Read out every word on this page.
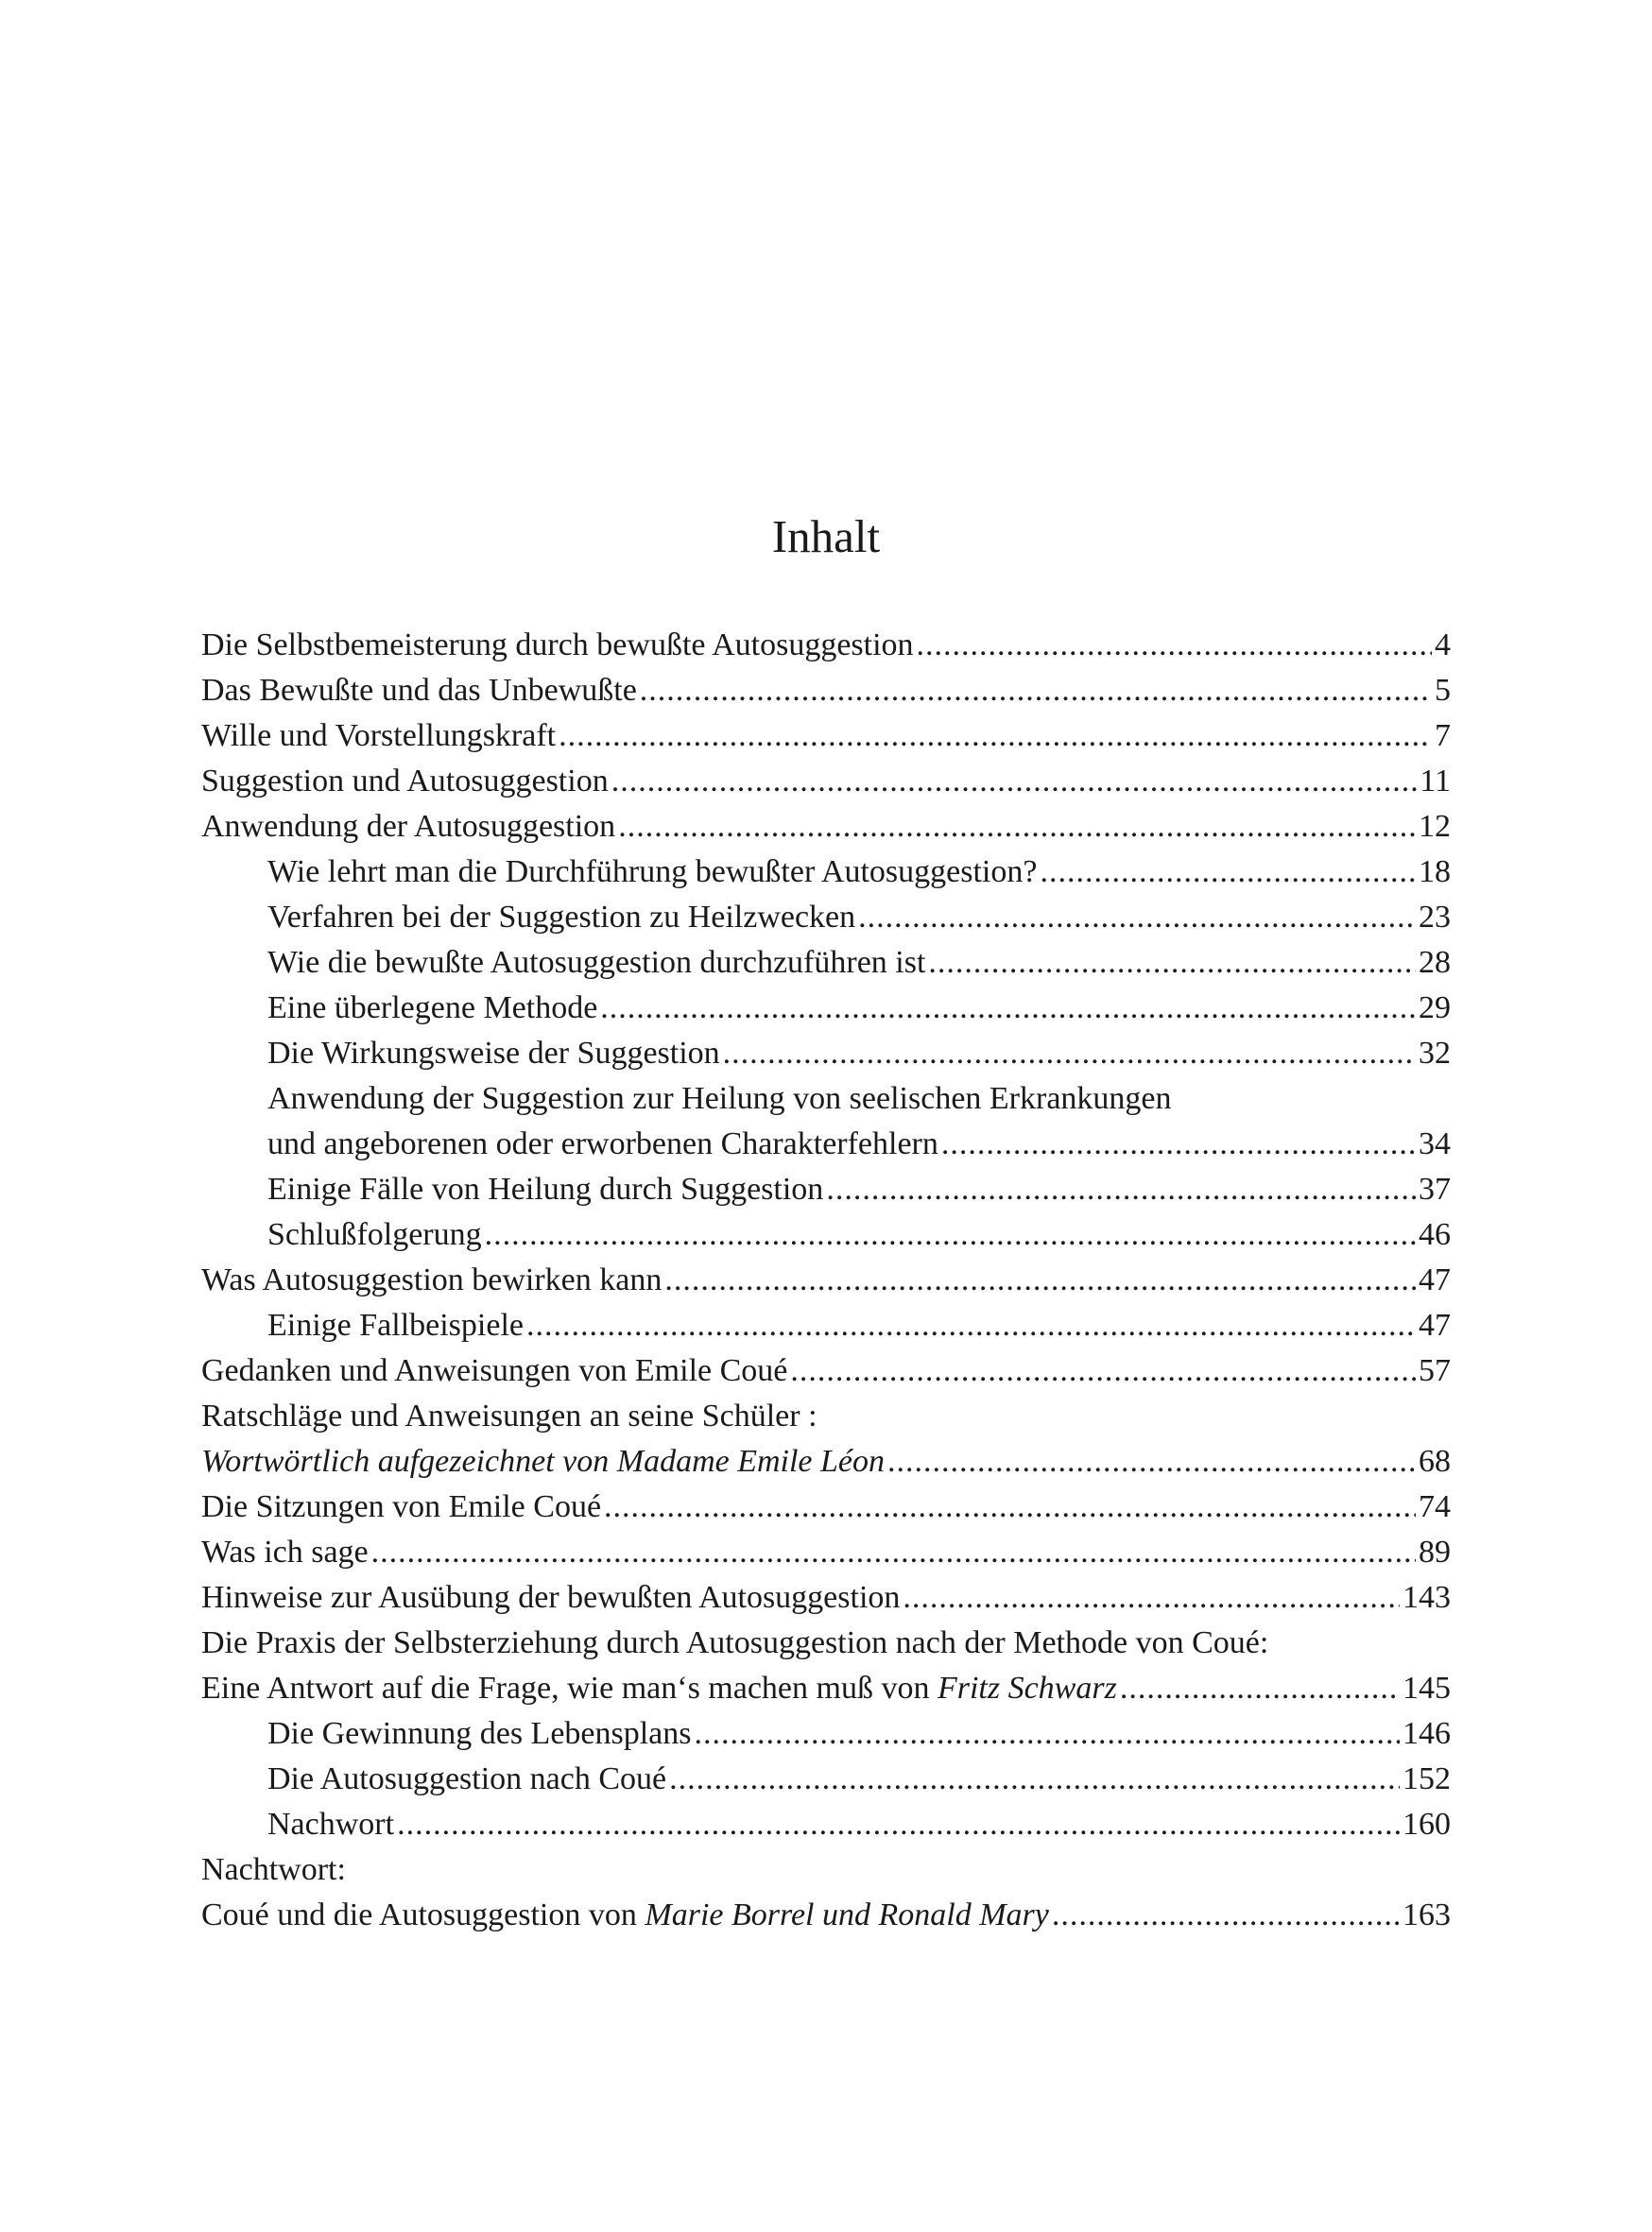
Inhalt
Die Selbstbemeisterung durch bewußte Autosuggestion .....	4
Das Bewußte und das Unbewußte .....	5
Wille und Vorstellungskraft .....	7
Suggestion und Autosuggestion .....	11
Anwendung der Autosuggestion .....	12
Wie lehrt man die Durchführung bewußter Autosuggestion? .....	18
Verfahren bei der Suggestion zu Heilzwecken .....	23
Wie die bewußte Autosuggestion durchzuführen ist .....	28
Eine überlegene Methode .....	29
Die Wirkungsweise der Suggestion .....	32
Anwendung der Suggestion zur Heilung von seelischen Erkrankungen
und angeborenen oder erworbenen Charakterfehlern .....	34
Einige Fälle von Heilung durch Suggestion .....	37
Schlußfolgerung .....	46
Was Autosuggestion bewirken kann .....	47
Einige Fallbeispiele .....	47
Gedanken und Anweisungen von Emile Coué .....	57
Ratschläge und Anweisungen an seine Schüler :
Wortwörtlich aufgezeichnet von Madame Emile Léon .....	68
Die Sitzungen von Emile Coué .....	74
Was ich sage .....	89
Hinweise zur Ausübung der bewußten Autosuggestion .....	143
Die Praxis der Selbsterziehung durch Autosuggestion nach der Methode von Coué:
Eine Antwort auf die Frage, wie man‘s machen muß von Fritz Schwarz .....	145
Die Gewinnung des Lebensplans .....	146
Die Autosuggestion nach Coué .....	152
Nachwort .....	160
Nachtwort:
Coué und die Autosuggestion von Marie Borrel und Ronald Mary .....	163
